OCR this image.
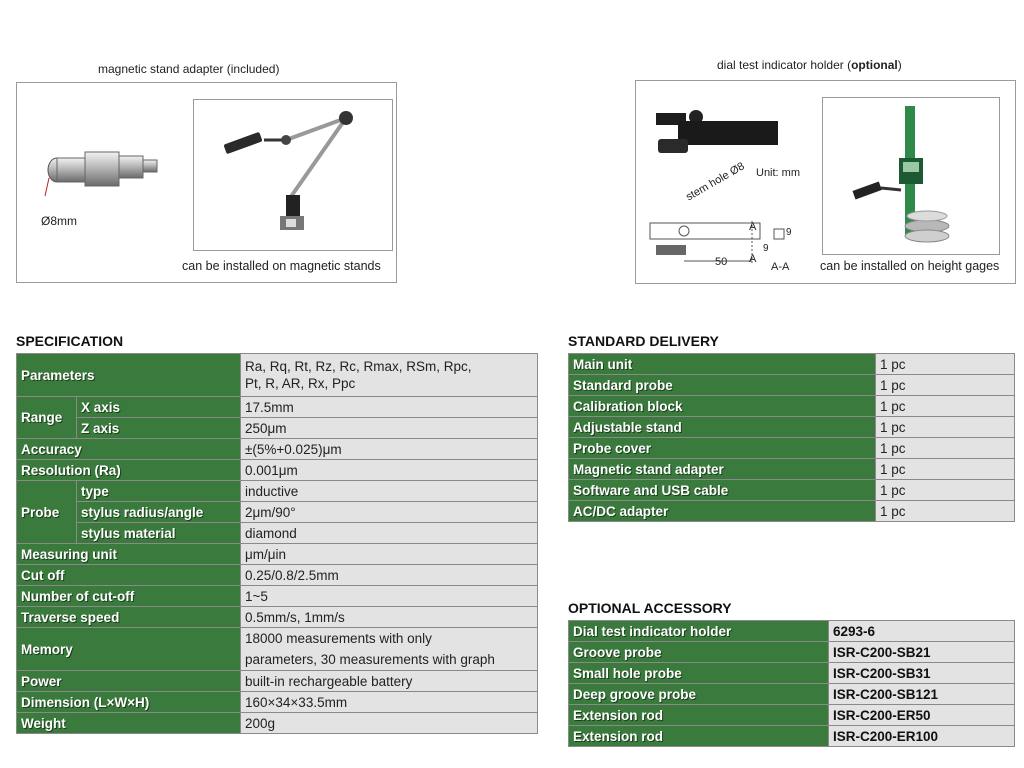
magnetic stand adapter (included)
Ø8mm
can be installed on magnetic stands
dial test indicator holder (optional)
Unit: mm
stem hole Ø8
50
A
A
9
9
A-A can be installed on height gages
SPECIFICATION
Parameters		Ra, Rq, Rt, Rz, Rc, Rmax, RSm, Rpc,
Pt, R, AR, Rx, Ppc

Range	X axis	17.5mm
	Z axis	250μm
Accuracy		±(5%+0.025)μm
Resolution (Ra)		0.001μm
Probe	type	inductive
	stylus radius/angle	2μm/90°
	stylus material	diamond
Measuring unit		μm/μin
Cut off		0.25/0.8/2.5mm
Number of cut-off		1~5
Traverse speed		0.5mm/s, 1mm/s
Memory		18000 measurements with only
parameters, 30 measurements with graph

Power		built-in rechargeable battery
Dimension (L×W×H)		160×34×33.5mm
Weight		200g
STANDARD DELIVERY
Main unit	1 pc
Standard probe	1 pc
Calibration block	1 pc
Adjustable stand	1 pc
Probe cover	1 pc
Magnetic stand adapter	1 pc
Software and USB cable	1 pc
AC/DC adapter	1 pc
OPTIONAL ACCESSORY
Dial test indicator holder	6293-6
Groove probe	ISR-C200-SB21
Small hole probe	ISR-C200-SB31
Deep groove probe	ISR-C200-SB121
Extension rod	ISR-C200-ER50
Extension rod	ISR-C200-ER100
